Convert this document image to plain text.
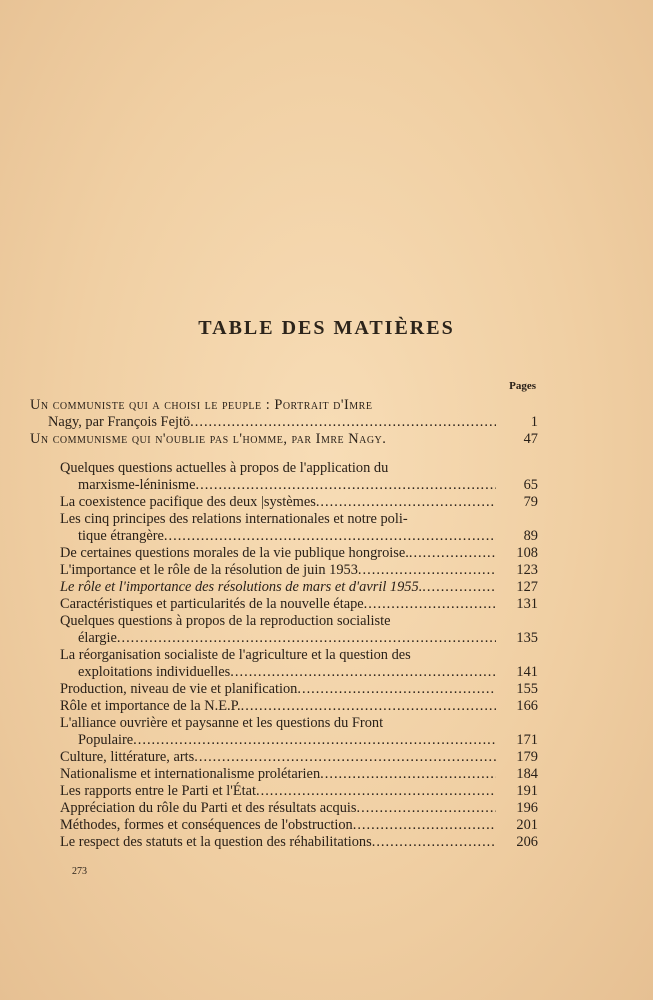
TABLE DES MATIÈRES
Pages
Un communiste qui a choisi le peuple : Portrait d'Imre
Nagy, par François Fejtö .....	1
Un communisme qui n'oublie pas l'homme, par Imre Nagy.	47
Quelques questions actuelles à propos de l'application du
marxisme-léninisme .....	65
La coexistence pacifique des deux |systèmes .....	79
Les cinq principes des relations internationales et notre poli-
tique étrangère .....	89
De certaines questions morales de la vie publique hongroise. .....	108
L'importance et le rôle de la résolution de juin 1953 .....	123
Le rôle et l'importance des résolutions de mars et d'avril 1955. .....	127
Caractéristiques et particularités de la nouvelle étape .....	131
Quelques questions à propos de la reproduction socialiste
élargie .....	135
La réorganisation socialiste de l'agriculture et la question des
exploitations individuelles .....	141
Production, niveau de vie et planification .....	155
Rôle et importance de la N.E.P. .....	166
L'alliance ouvrière et paysanne et les questions du Front
Populaire .....	171
Culture, littérature, arts .....	179
Nationalisme et internationalisme prolétarien .....	184
Les rapports entre le Parti et l'État .....	191
Appréciation du rôle du Parti et des résultats acquis .....	196
Méthodes, formes et conséquences de l'obstruction .....	201
Le respect des statuts et la question des réhabilitations .....	206
273
